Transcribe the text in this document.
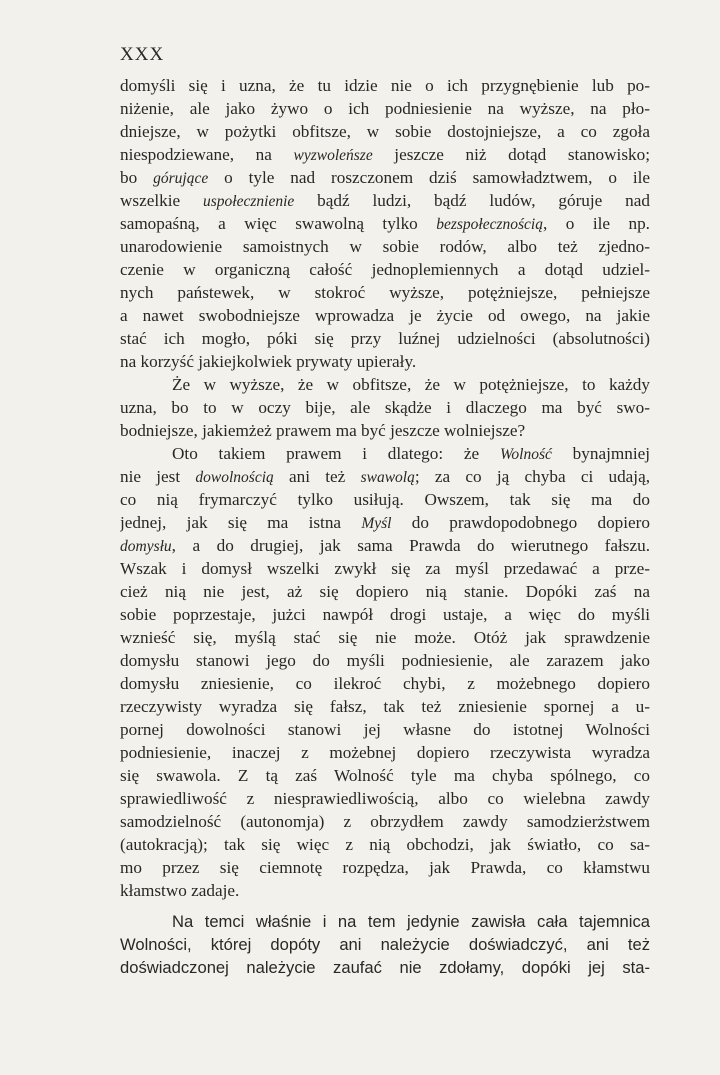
XXX
domyśli się i uzna, że tu idzie nie o ich przygnębienie lub po-
niżenie, ale jako żywo o ich podniesienie na wyższe, na pło-
dniejsze, w pożytki obfitsze, w sobie dostojniejsze, a co zgoła
niespodziewane, na wyzwoleńsze jeszcze niż dotąd stanowisko;
bo górujące o tyle nad roszczonem dziś samowładztwem, o ile
wszelkie uspołecznienie bądź ludzi, bądź ludów, góruje nad
samopaśną, a więc swawolną tylko bezspołecznością, o ile np.
unarodowienie samoistnych w sobie rodów, albo też zjedno-
czenie w organiczną całość jednoplemiennych a dotąd udziel-
nych państewek, w stokroć wyższe, potężniejsze, pełniejsze
a nawet swobodniejsze wprowadza je życie od owego, na jakie
stać ich mogło, póki się przy luźnej udzielności (absolutności)
na korzyść jakiejkolwiek prywaty upierały.
Że w wyższe, że w obfitsze, że w potężniejsze, to każdy
uzna, bo to w oczy bije, ale skądże i dlaczego ma być swo-
bodniejsze, jakiemżeż prawem ma być jeszcze wolniejsze?
Oto takiem prawem i dlatego: że Wolność bynajmniej
nie jest dowolnością ani też swawolą; za co ją chyba ci udają,
co nią frymarczyć tylko usiłują. Owszem, tak się ma do
jednej, jak się ma istna Myśl do prawdopodobnego dopiero
domysłu, a do drugiej, jak sama Prawda do wierutnego fałszu.
Wszak i domysł wszelki zwykł się za myśl przedawać a prze-
cież nią nie jest, aż się dopiero nią stanie. Dopóki zaś na
sobie poprzestaje, jużci nawpół drogi ustaje, a więc do myśli
wznieść się, myślą stać się nie może. Otóż jak sprawdzenie
domysłu stanowi jego do myśli podniesienie, ale zarazem jako
domysłu zniesienie, co ilekroć chybi, z możebnego dopiero
rzeczywisty wyradza się fałsz, tak też zniesienie spornej a u-
pornej dowolności stanowi jej własne do istotnej Wolności
podniesienie, inaczej z możebnej dopiero rzeczywista wyradza
się swawola. Z tą zaś Wolność tyle ma chyba spólnego, co
sprawiedliwość z niesprawiedliwością, albo co wielebna zawdy
samodzielność (autonomja) z obrzydłem zawdy samodzierżstwem
(autokracją); tak się więc z nią obchodzi, jak światło, co sa-
mo przez się ciemnotę rozpędza, jak Prawda, co kłamstwu
kłamstwo zadaje.
Na temci właśnie i na tem jedynie zawisła cała tajemnica
Wolności, której dopóty ani należycie doświadczyć, ani też
doświadczonej należycie zaufać nie zdołamy, dopóki jej sta-
